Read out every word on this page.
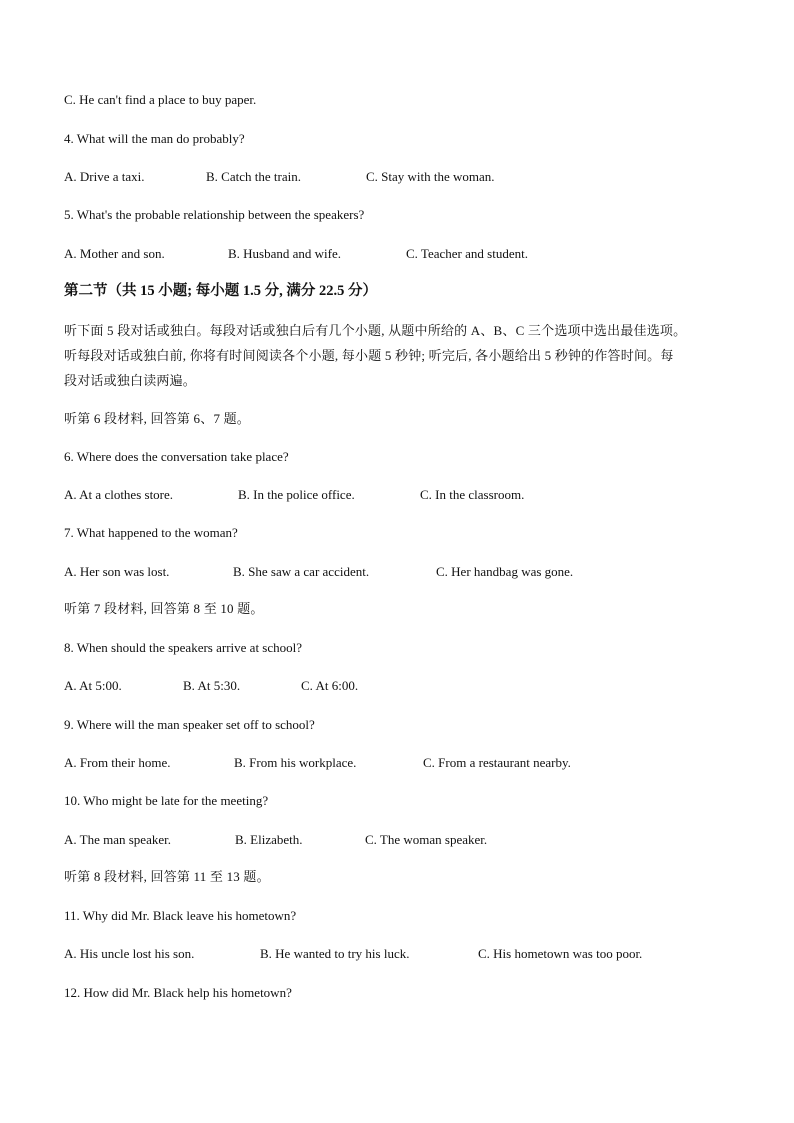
C. He can't find a place to buy paper.
4. What will the man do probably?
A. Drive a taxi.	B. Catch the train.	C. Stay with the woman.
5. What's the probable relationship between the speakers?
A. Mother and son.	B. Husband and wife.	C. Teacher and student.
第二节（共 15 小题; 每小题 1.5 分, 满分 22.5 分）
听下面 5 段对话或独白。每段对话或独白后有几个小题, 从题中所给的 A、B、C 三个选项中选出最佳选项。
听每段对话或独白前, 你将有时间阅读各个小题, 每小题 5 秒钟; 听完后, 各小题给出 5 秒钟的作答时间。每
段对话或独白读两遍。
听第 6 段材料, 回答第 6、7 题。
6. Where does the conversation take place?
A. At a clothes store.	B. In the police office.	C. In the classroom.
7. What happened to the woman?
A. Her son was lost.	B. She saw a car accident.	C. Her handbag was gone.
听第 7 段材料, 回答第 8 至 10 题。
8. When should the speakers arrive at school?
A. At 5:00.	B. At 5:30.	C. At 6:00.
9. Where will the man speaker set off to school?
A. From their home.	B. From his workplace.	C. From a restaurant nearby.
10. Who might be late for the meeting?
A. The man speaker.	B. Elizabeth.	C. The woman speaker.
听第 8 段材料, 回答第 11 至 13 题。
11. Why did Mr. Black leave his hometown?
A. His uncle lost his son.	B. He wanted to try his luck.	C. His hometown was too poor.
12. How did Mr. Black help his hometown?
